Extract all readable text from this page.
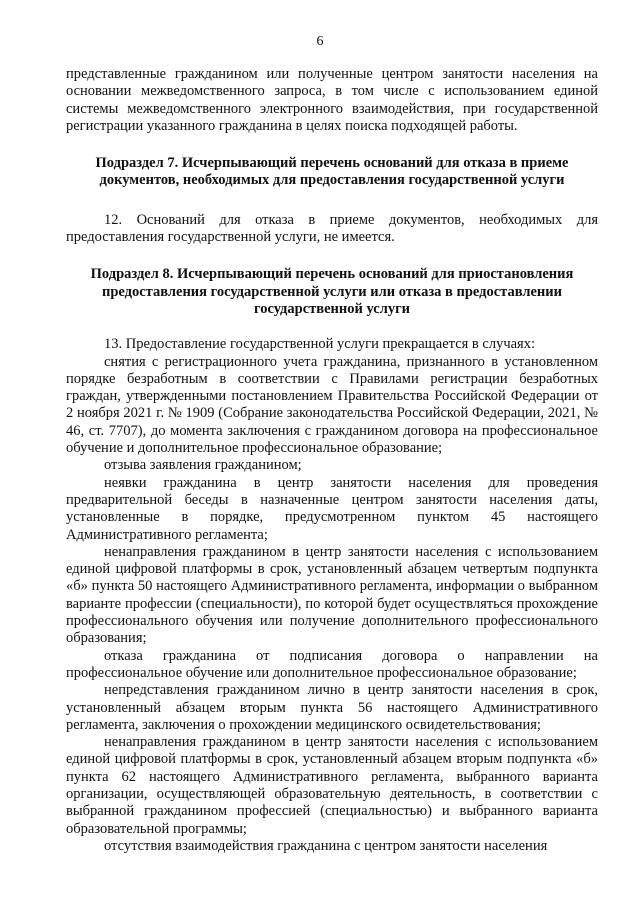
6

представленные гражданином или полученные центром занятости населения на основании межведомственного запроса, в том числе с использованием единой системы межведомственного электронного взаимодействия, при государственной регистрации указанного гражданина в целях поиска подходящей работы.

Подраздел 7. Исчерпывающий перечень оснований для отказа в приеме документов, необходимых для предоставления государственной услуги

12. Оснований для отказа в приеме документов, необходимых для предоставления государственной услуги, не имеется.

Подраздел 8. Исчерпывающий перечень оснований для приостановления предоставления государственной услуги или отказа в предоставлении государственной услуги

13. Предоставление государственной услуги прекращается в случаях:

снятия с регистрационного учета гражданина, признанного в установленном порядке безработным в соответствии с Правилами регистрации безработных граждан, утвержденными постановлением Правительства Российской Федерации от 2 ноября 2021 г. № 1909 (Собрание законодательства Российской Федерации, 2021, № 46, ст. 7707), до момента заключения с гражданином договора на профессиональное обучение и дополнительное профессиональное образование;

отзыва заявления гражданином;

неявки гражданина в центр занятости населения для проведения предварительной беседы в назначенные центром занятости населения даты, установленные в порядке, предусмотренном пунктом 45 настоящего Административного регламента;

ненаправления гражданином в центр занятости населения с использованием единой цифровой платформы в срок, установленный абзацем четвертым подпункта «б» пункта 50 настоящего Административного регламента, информации о выбранном варианте профессии (специальности), по которой будет осуществляться прохождение профессионального обучения или получение дополнительного профессионального образования;

отказа гражданина от подписания договора о направлении на профессиональное обучение или дополнительное профессиональное образование;

непредставления гражданином лично в центр занятости населения в срок, установленный абзацем вторым пункта 56 настоящего Административного регламента, заключения о прохождении медицинского освидетельствования;

ненаправления гражданином в центр занятости населения с использованием единой цифровой платформы в срок, установленный абзацем вторым подпункта «б» пункта 62 настоящего Административного регламента, выбранного варианта организации, осуществляющей образовательную деятельность, в соответствии с выбранной гражданином профессией (специальностью) и выбранного варианта образовательной программы;

отсутствия взаимодействия гражданина с центром занятости населения
